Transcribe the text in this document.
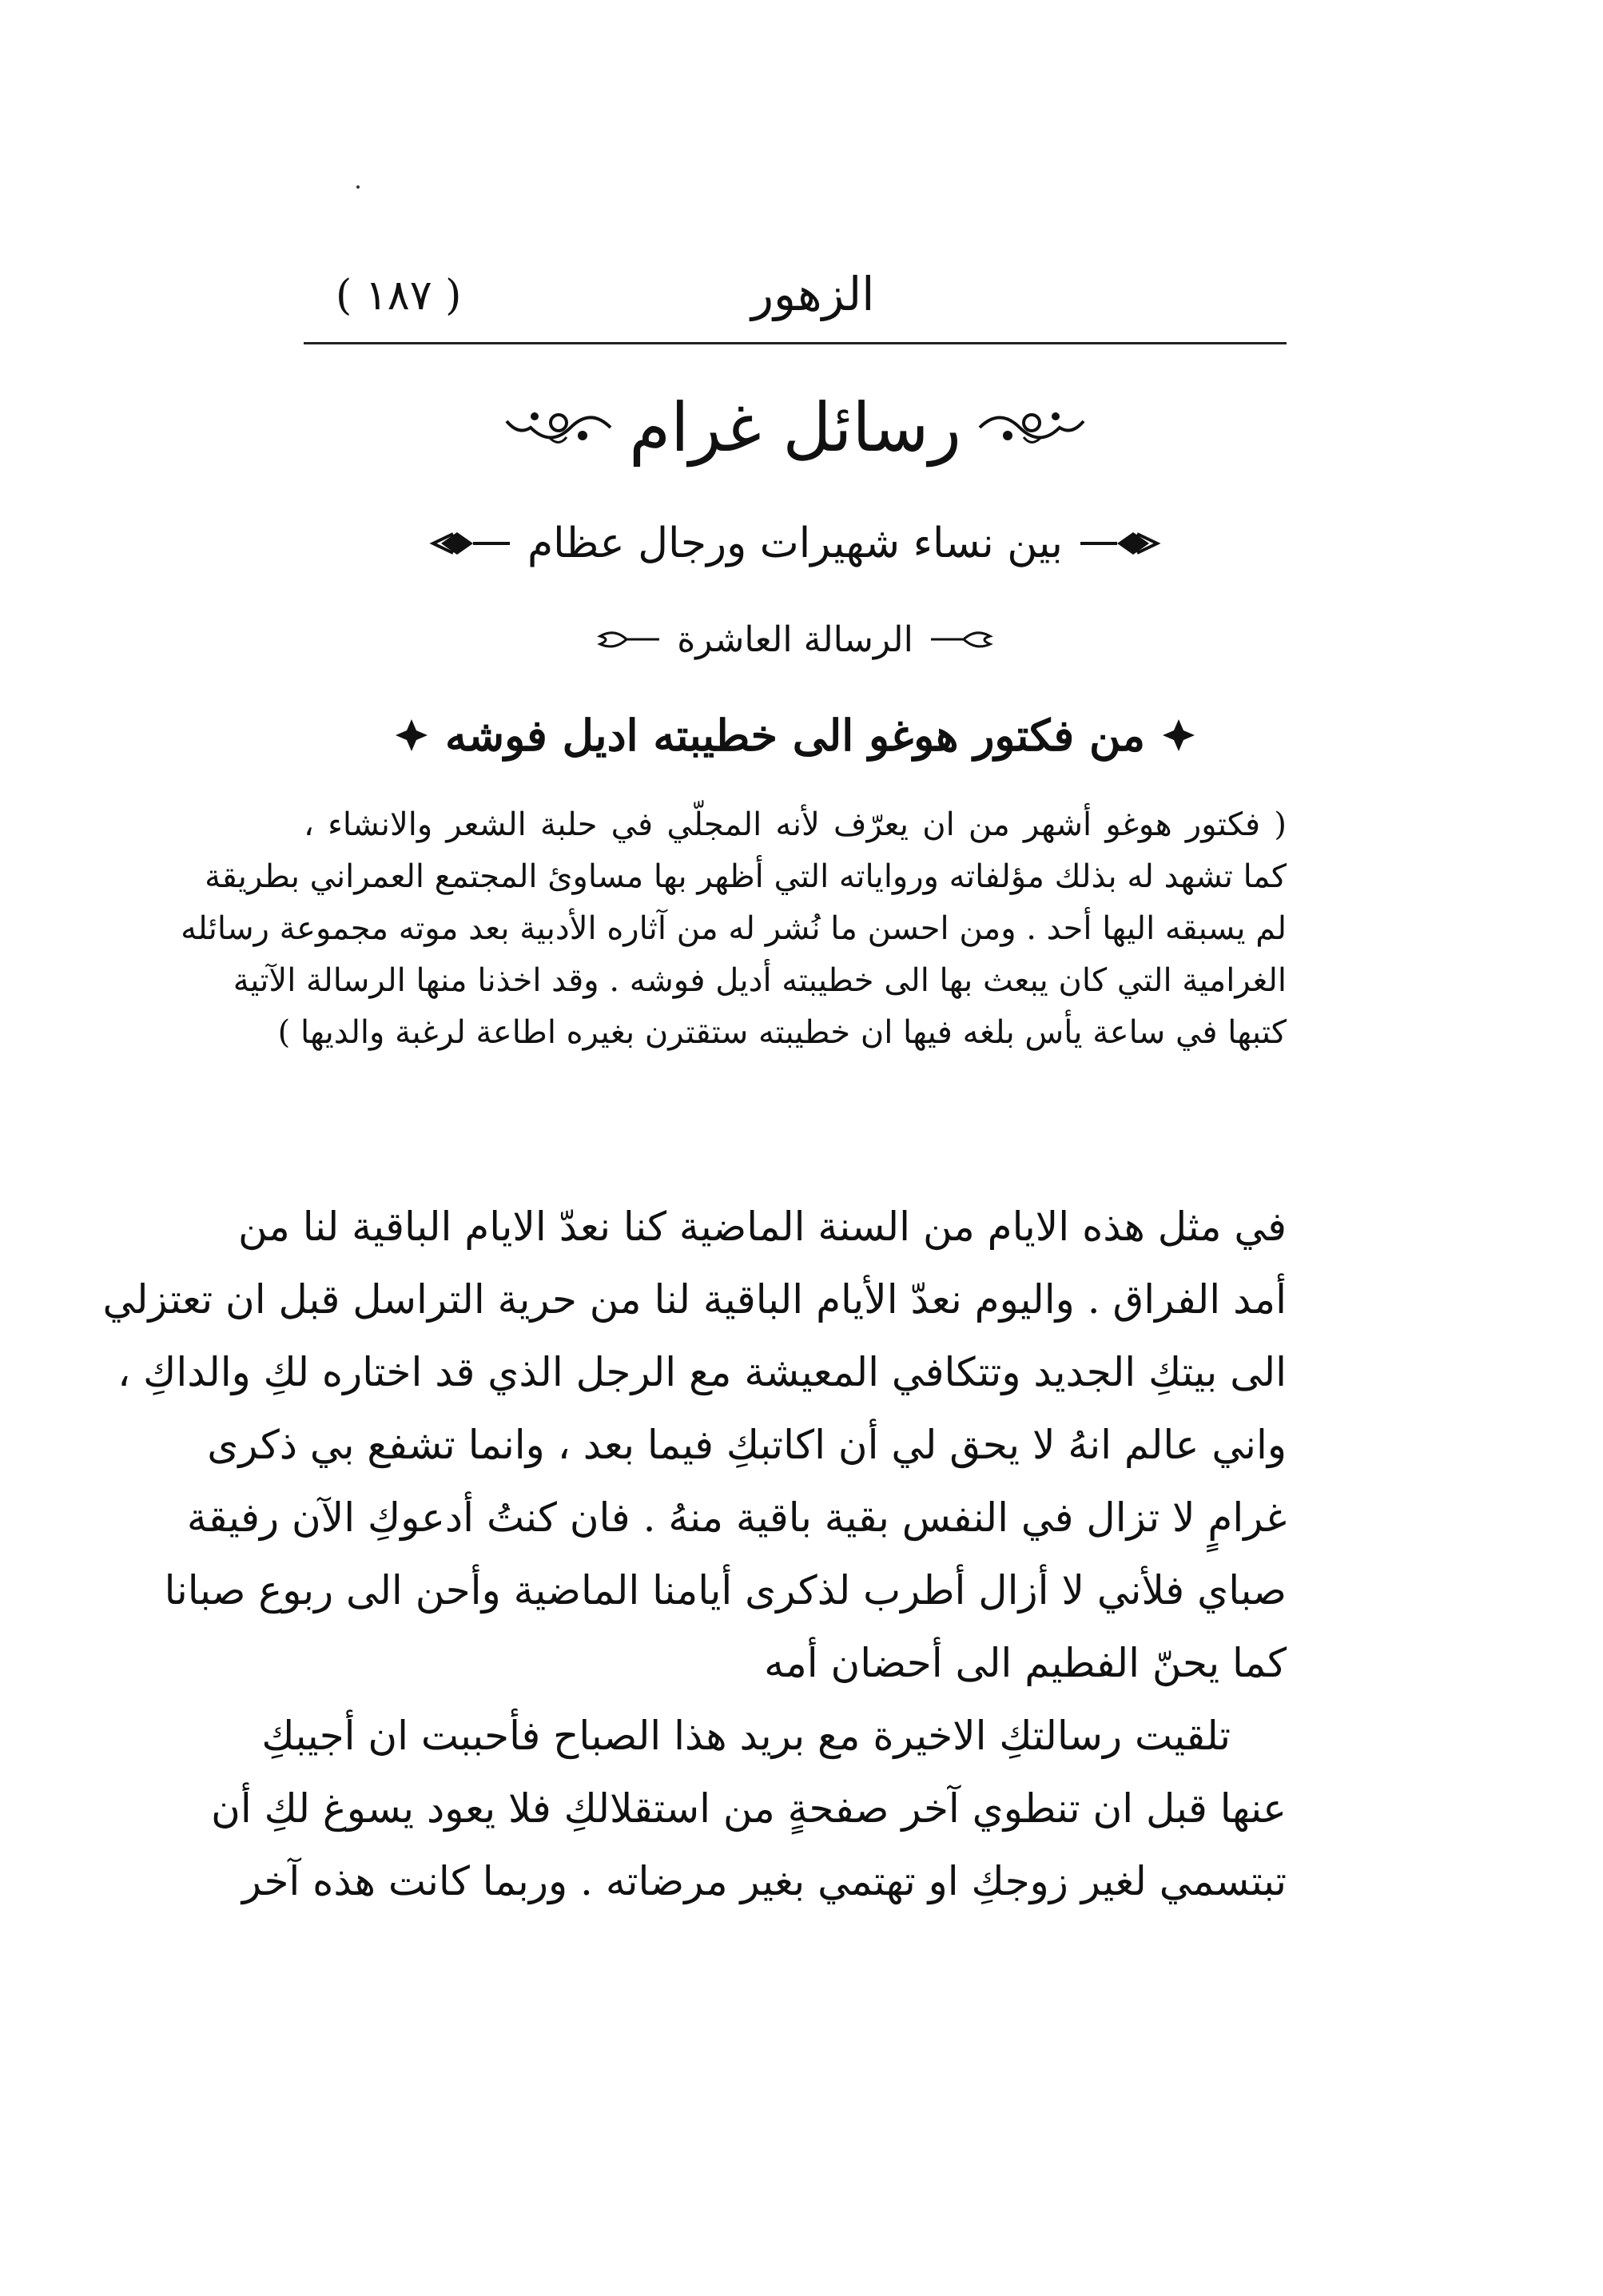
( ١٨٧ )	الزهور
رسائل غرام
بين نساء شهيرات ورجال عظام
الرسالة العاشرة
من فكتور هوغو الى خطيبته اديل فوشه
( فكتور هوغو أشهر من ان يعرّف لأنه المجلّي في حلبة الشعر والانشاء ،
كما تشهد له بذلك مؤلفاته ورواياته التي أظهر بها مساوئ المجتمع العمراني بطريقة
لم يسبقه اليها أحد . ومن احسن ما نُشر له من آثاره الأدبية بعد موته مجموعة رسائله
الغرامية التي كان يبعث بها الى خطيبته أديل فوشه . وقد اخذنا منها الرسالة الآتية
كتبها في ساعة يأس بلغه فيها ان خطيبته ستقترن بغيره اطاعة لرغبة والديها )
في مثل هذه الايام من السنة الماضية كنا نعدّ الايام الباقية لنا من
أمد الفراق . واليوم نعدّ الأيام الباقية لنا من حرية التراسل قبل ان تعتزلي
الى بيتكِ الجديد وتتكافي المعيشة مع الرجل الذي قد اختاره لكِ والداكِ ،
واني عالم انهُ لا يحق لي أن اكاتبكِ فيما بعد ، وانما تشفع بي ذكرى
غرامٍ لا تزال في النفس بقية باقية منهُ . فان كنتُ أدعوكِ الآن رفيقة
صباي فلأني لا أزال أطرب لذكرى أيامنا الماضية وأحن الى ربوع صبانا
كما يحنّ الفطيم الى أحضان أمه
تلقيت رسالتكِ الاخيرة مع بريد هذا الصباح فأحببت ان أجيبكِ
عنها قبل ان تنطوي آخر صفحةٍ من استقلالكِ فلا يعود يسوغ لكِ أن
تبتسمي لغير زوجكِ او تهتمي بغير مرضاته . وربما كانت هذه آخر
